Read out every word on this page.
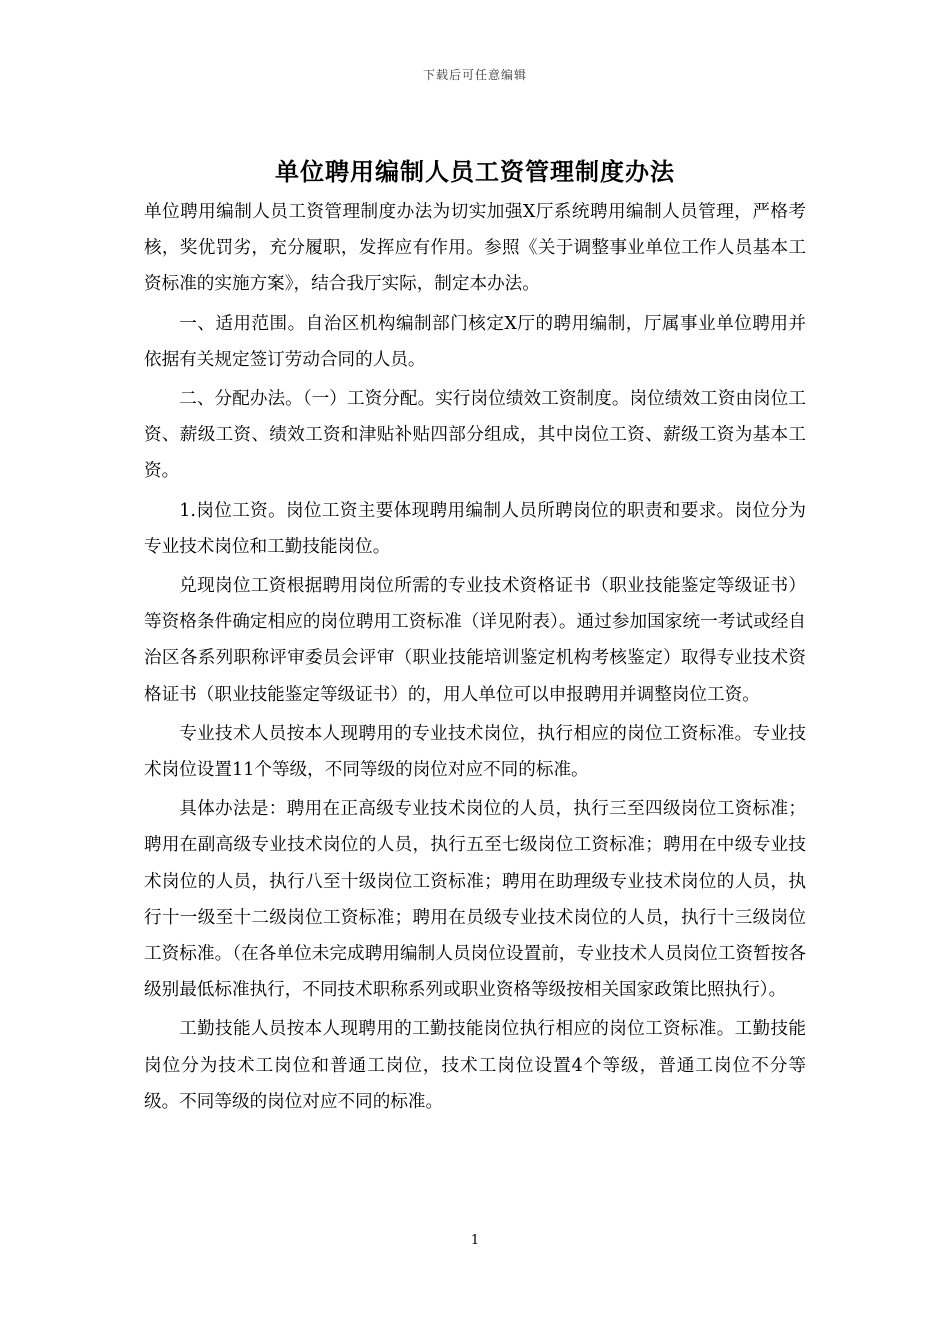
下载后可任意编辑
单位聘用编制人员工资管理制度办法

单位聘用编制人员工资管理制度办法为切实加强X厅系统聘用编制人员管理，严格考核，奖优罚劣，充分履职，发挥应有作用。参照《关于调整事业单位工作人员基本工资标准的实施方案》，结合我厅实际，制定本办法。

一、适用范围。自治区机构编制部门核定X厅的聘用编制，厅属事业单位聘用并依据有关规定签订劳动合同的人员。

二、分配办法。（一）工资分配。实行岗位绩效工资制度。岗位绩效工资由岗位工资、薪级工资、绩效工资和津贴补贴四部分组成，其中岗位工资、薪级工资为基本工资。

1.岗位工资。岗位工资主要体现聘用编制人员所聘岗位的职责和要求。岗位分为专业技术岗位和工勤技能岗位。

兑现岗位工资根据聘用岗位所需的专业技术资格证书（职业技能鉴定等级证书）等资格条件确定相应的岗位聘用工资标准（详见附表）。通过参加国家统一考试或经自治区各系列职称评审委员会评审（职业技能培训鉴定机构考核鉴定）取得专业技术资格证书（职业技能鉴定等级证书）的，用人单位可以申报聘用并调整岗位工资。

专业技术人员按本人现聘用的专业技术岗位，执行相应的岗位工资标准。专业技术岗位设置11个等级，不同等级的岗位对应不同的标准。

具体办法是：聘用在正高级专业技术岗位的人员，执行三至四级岗位工资标准；聘用在副高级专业技术岗位的人员，执行五至七级岗位工资标准；聘用在中级专业技术岗位的人员，执行八至十级岗位工资标准；聘用在助理级专业技术岗位的人员，执行十一级至十二级岗位工资标准；聘用在员级专业技术岗位的人员，执行十三级岗位工资标准。（在各单位未完成聘用编制人员岗位设置前，专业技术人员岗位工资暂按各级别最低标准执行，不同技术职称系列或职业资格等级按相关国家政策比照执行）。

工勤技能人员按本人现聘用的工勤技能岗位执行相应的岗位工资标准。工勤技能岗位分为技术工岗位和普通工岗位，技术工岗位设置4个等级，普通工岗位不分等级。不同等级的岗位对应不同的标准。

1
